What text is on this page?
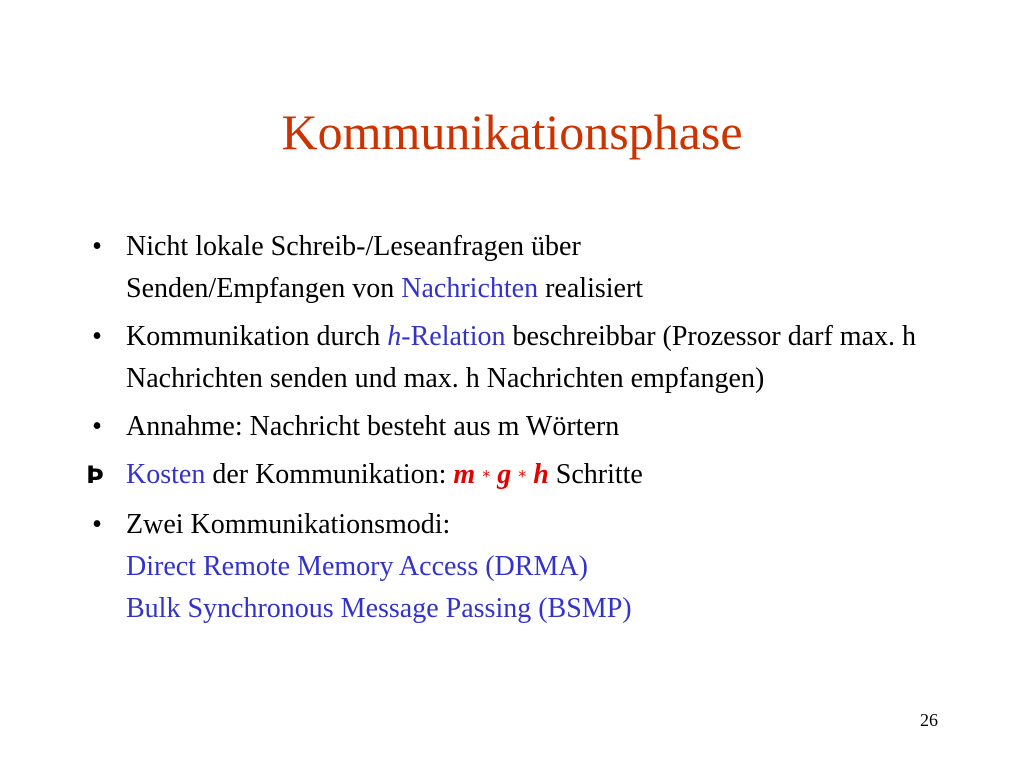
Kommunikationsphase
• Nicht lokale Schreib-/Leseanfragen über
Senden/Empfangen von Nachrichten realisiert
• Kommunikation durch h-Relation beschreibbar (Prozessor darf max. h Nachrichten senden und max. h Nachrichten empfangen)
• Annahme: Nachricht besteht aus m Wörtern
Þ Kosten der Kommunikation: m * g * h Schritte
• Zwei Kommunikationsmodi:
Direct Remote Memory Access (DRMA)
Bulk Synchronous Message Passing (BSMP)
26
